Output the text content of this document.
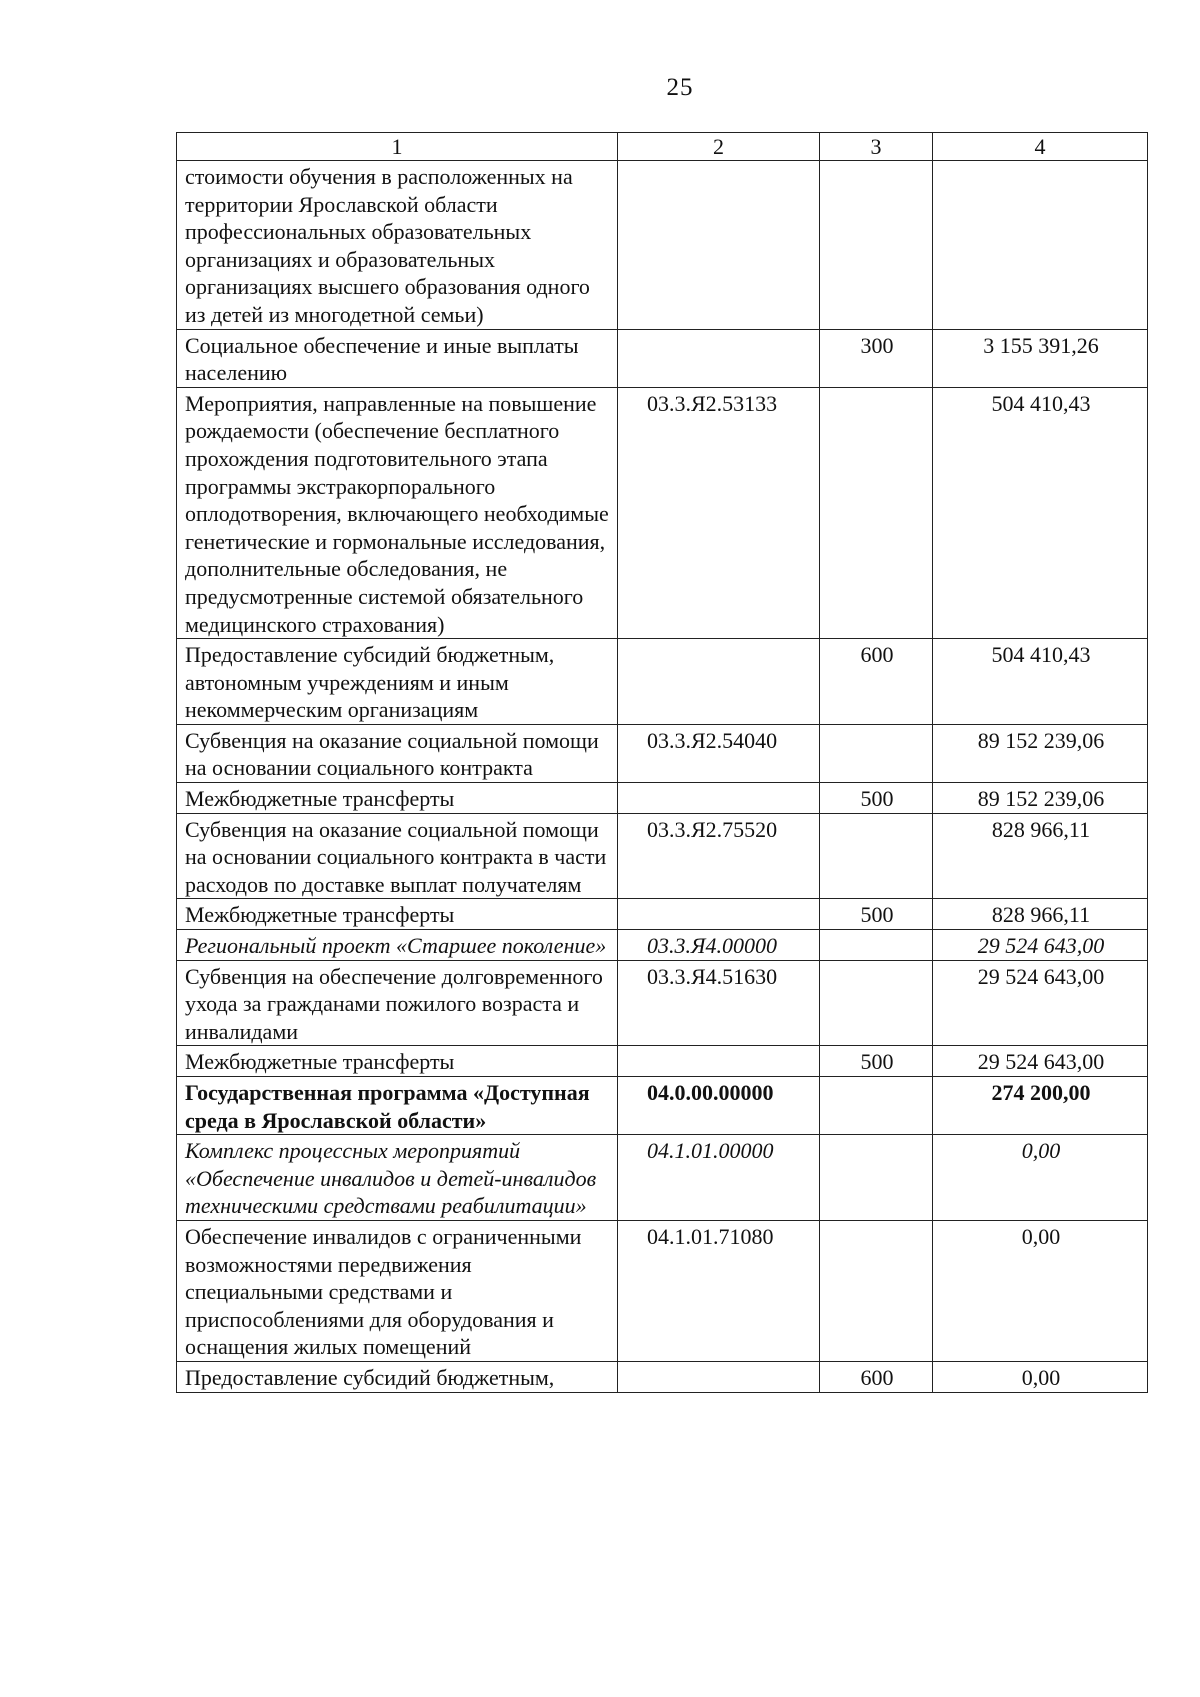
25
1	2	3	4
стоимости обучения в расположенных на территории Ярославской области профессиональных образовательных организациях и образовательных организациях высшего образования одного из детей из многодетной семьи)			
Социальное обеспечение и иные выплаты населению		300	3 155 391,26
Мероприятия, направленные на повышение рождаемости (обеспечение бесплатного прохождения подготовительного этапа программы экстракорпорального оплодотворения, включающего необходимые генетические и гормональные исследования, дополнительные обследования, не предусмотренные системой обязательного медицинского страхования)	03.3.Я2.53133		504 410,43
Предоставление субсидий бюджетным, автономным учреждениям и иным некоммерческим организациям		600	504 410,43
Субвенция на оказание социальной помощи на основании социального контракта	03.3.Я2.54040		89 152 239,06
Межбюджетные трансферты		500	89 152 239,06
Субвенция на оказание социальной помощи на основании социального контракта в части расходов по доставке выплат получателям	03.3.Я2.75520		828 966,11
Межбюджетные трансферты		500	828 966,11
Региональный проект «Старшее поколение»	03.3.Я4.00000		29 524 643,00
Субвенция на обеспечение долговременного ухода за гражданами пожилого возраста и инвалидами	03.3.Я4.51630		29 524 643,00
Межбюджетные трансферты		500	29 524 643,00
Государственная программа «Доступная среда в Ярославской области»	04.0.00.00000		274 200,00
Комплекс процессных мероприятий «Обеспечение инвалидов и детей-инвалидов техническими средствами реабилитации»	04.1.01.00000		0,00
Обеспечение инвалидов с ограниченными возможностями передвижения специальными средствами и приспособлениями для оборудования и оснащения жилых помещений	04.1.01.71080		0,00
Предоставление субсидий бюджетным,		600	0,00
